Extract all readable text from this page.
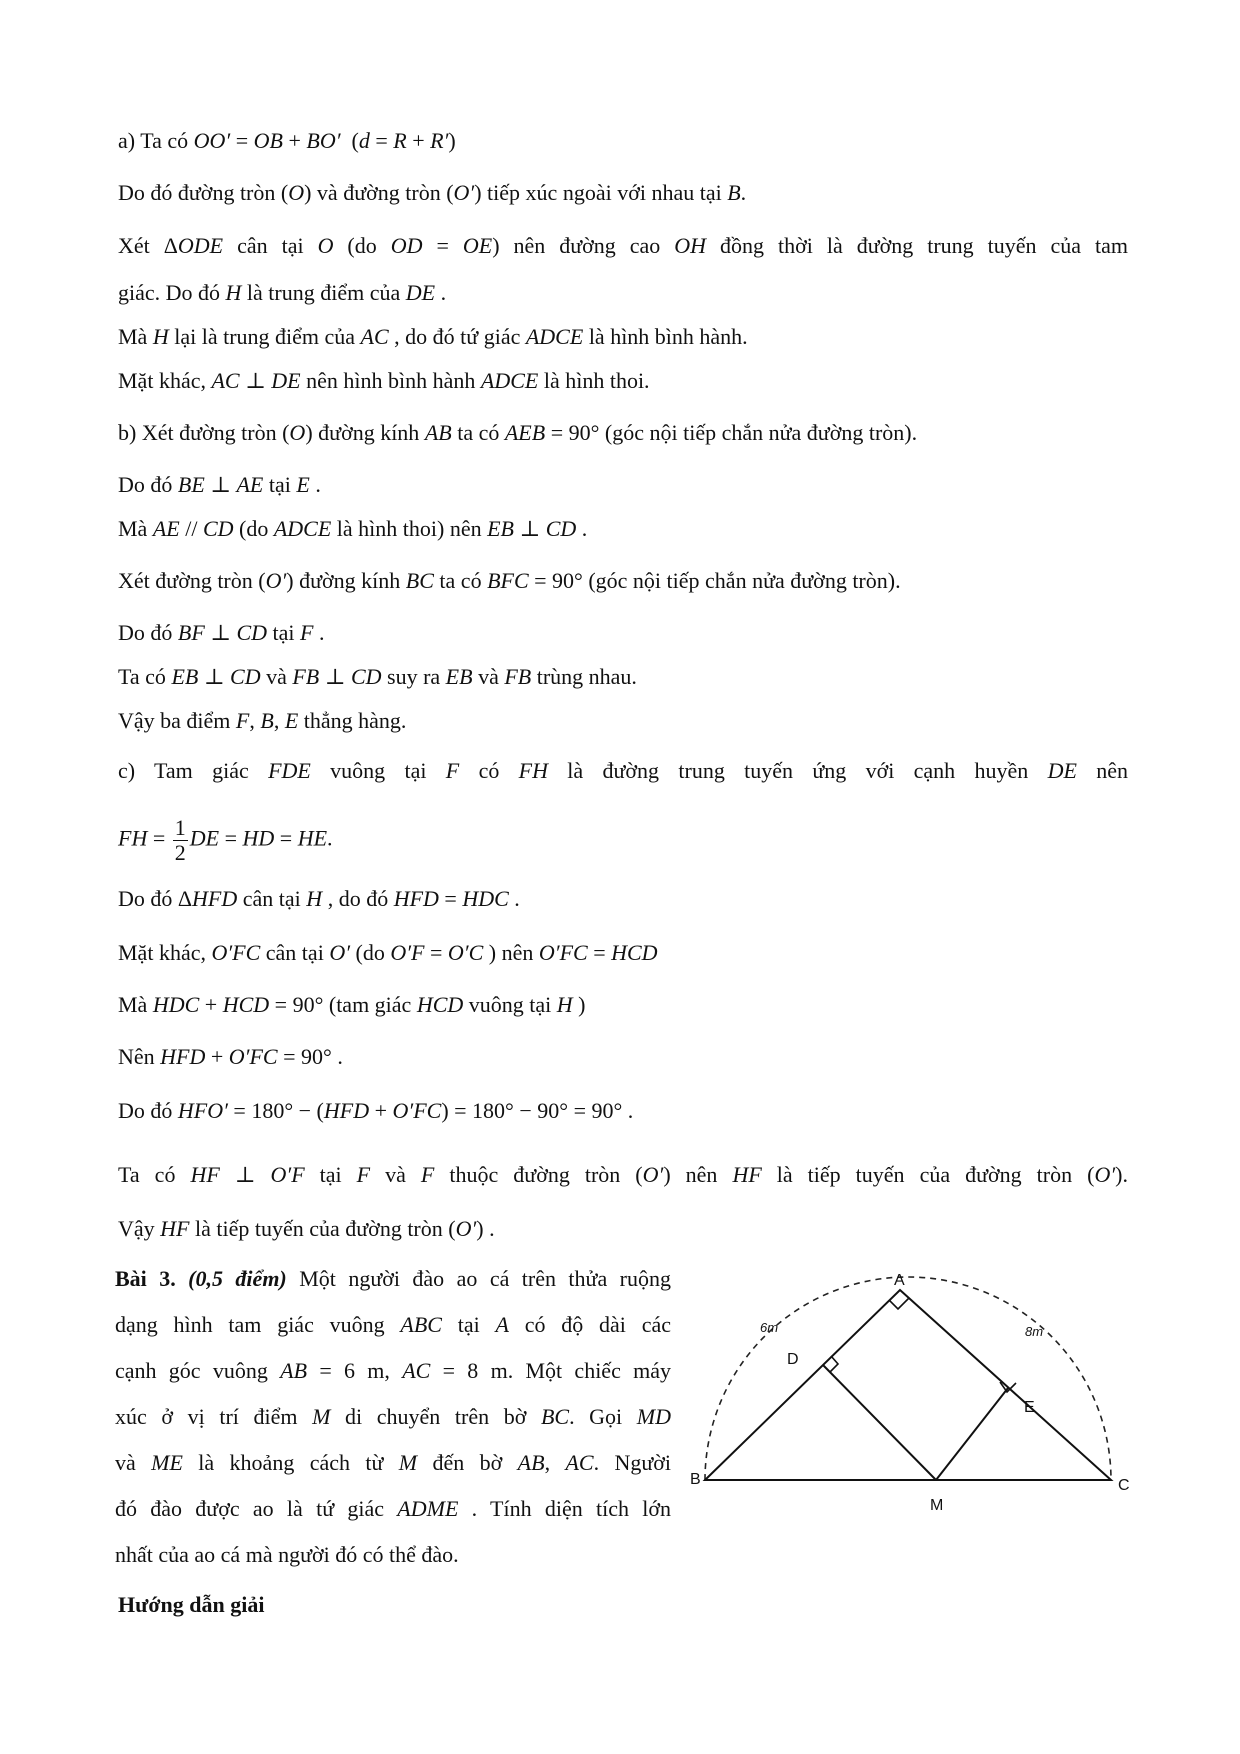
a) Ta có OO′ = OB + BO′  (d = R + R′)
Do đó đường tròn (O) và đường tròn (O′) tiếp xúc ngoài với nhau tại B.
Xét ΔODE cân tại O (do OD = OE) nên đường cao OH đồng thời là đường trung tuyến của tam
giác. Do đó H là trung điểm của DE .
Mà H lại là trung điểm của AC , do đó tứ giác ADCE là hình bình hành.
Mặt khác, AC ⊥ DE nên hình bình hành ADCE là hình thoi.
b) Xét đường tròn (O) đường kính AB ta có AEB = 90° (góc nội tiếp chắn nửa đường tròn).
Do đó BE ⊥ AE tại E .
Mà AE // CD (do ADCE là hình thoi) nên EB ⊥ CD .
Xét đường tròn (O′) đường kính BC ta có BFC = 90° (góc nội tiếp chắn nửa đường tròn).
Do đó BF ⊥ CD tại F .
Ta có EB ⊥ CD và FB ⊥ CD suy ra EB và FB trùng nhau.
Vậy ba điểm F, B, E thẳng hàng.
c) Tam giác FDE vuông tại F có FH là đường trung tuyến ứng với cạnh huyền DE nên
FH = $\frac{1}{2}$ DE = HD = HE.
Do đó ΔHFD cân tại H , do đó HFD = HDC .
Mặt khác, O′FC cân tại O′ (do O′F = O′C ) nên O′FC = HCD
Mà HDC + HCD = 90° (tam giác HCD vuông tại H )
Nên HFD + O′FC = 90° .
Do đó HFO′ = 180° − (HFD + O′FC) = 180° − 90° = 90° .
Ta có HF ⊥ O′F tại F và F thuộc đường tròn (O′) nên HF là tiếp tuyến của đường tròn (O′).
Vậy HF là tiếp tuyến của đường tròn (O′) .
Bài 3. (0,5 điểm) Một người đào ao cá trên thửa ruộng
dạng hình tam giác vuông ABC tại A có độ dài các
cạnh góc vuông AB = 6 m, AC = 8 m. Một chiếc máy
xúc ở vị trí điểm M di chuyển trên bờ BC. Gọi MD
và ME là khoảng cách từ M đến bờ AB, AC. Người
đó đào được ao là tứ giác ADME . Tính diện tích lớn
nhất của ao cá mà người đó có thể đào.
Hướng dẫn giải
A
B	C
D
E
M
6m	8m
